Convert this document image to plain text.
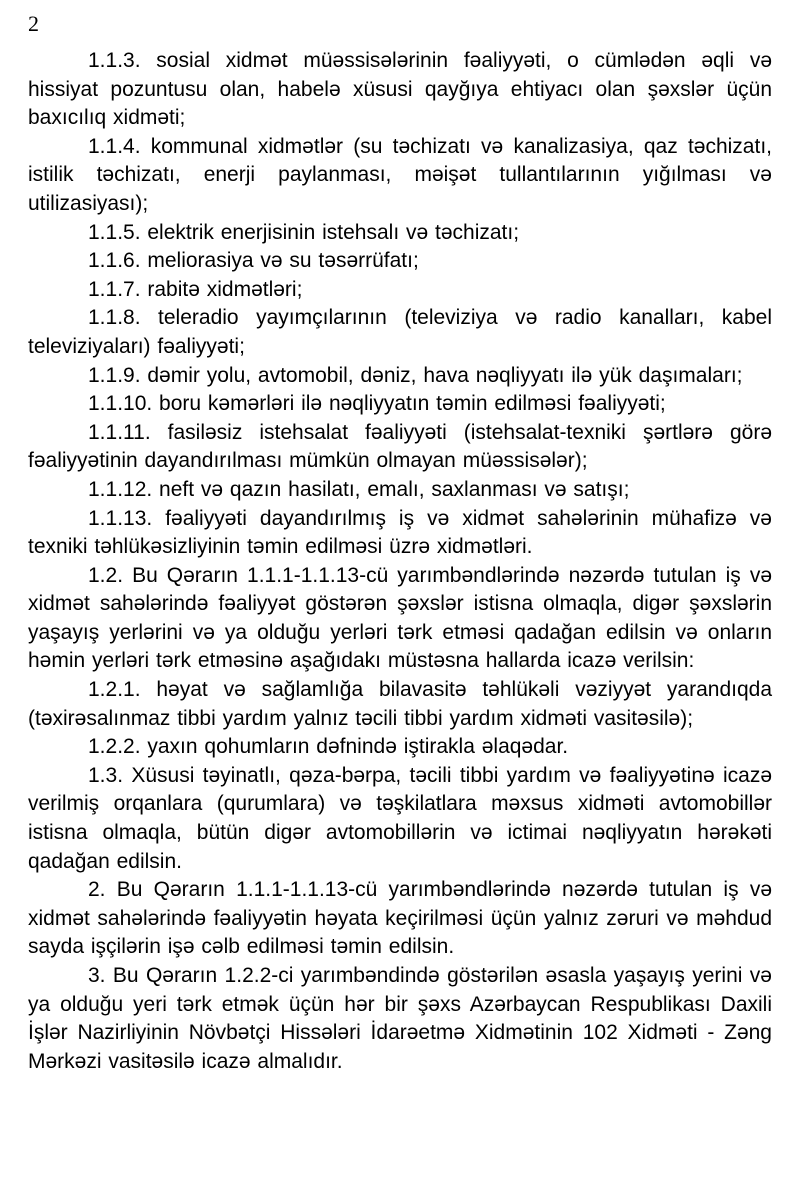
2

1.1.3. sosial xidmət müəssisələrinin fəaliyyəti, o cümlədən əqli və hissiyat pozuntusu olan, habelə xüsusi qayğıya ehtiyacı olan şəxslər üçün baxıcılıq xidməti;

1.1.4. kommunal xidmətlər (su təchizatı və kanalizasiya, qaz təchizatı, istilik təchizatı, enerji paylanması, məişət tullantılarının yığılması və utilizasiyası);

1.1.5. elektrik enerjisinin istehsalı və təchizatı;

1.1.6. meliorasiya və su təsərrüfatı;

1.1.7. rabitə xidmətləri;

1.1.8. teleradio yayımçılarının (televiziya və radio kanalları, kabel televiziyaları) fəaliyyəti;

1.1.9. dəmir yolu, avtomobil, dəniz, hava nəqliyyatı ilə yük daşımaları;

1.1.10. boru kəmərləri ilə nəqliyyatın təmin edilməsi fəaliyyəti;

1.1.11. fasiləsiz istehsalat fəaliyyəti (istehsalat-texniki şərtlərə görə fəaliyyətinin dayandırılması mümkün olmayan müəssisələr);

1.1.12. neft və qazın hasilatı, emalı, saxlanması və satışı;

1.1.13. fəaliyyəti dayandırılmış iş və xidmət sahələrinin mühafizə və texniki təhlükəsizliyinin təmin edilməsi üzrə xidmətləri.

1.2. Bu Qərarın 1.1.1-1.1.13-cü yarımbəndlərində nəzərdə tutulan iş və xidmət sahələrində fəaliyyət göstərən şəxslər istisna olmaqla, digər şəxslərin yaşayış yerlərini və ya olduğu yerləri tərk etməsi qadağan edilsin və onların həmin yerləri tərk etməsinə aşağıdakı müstəsna hallarda icazə verilsin:

1.2.1. həyat və sağlamlığa bilavasitə təhlükəli vəziyyət yarandıqda (təxirəsalınmaz tibbi yardım yalnız təcili tibbi yardım xidməti vasitəsilə);

1.2.2. yaxın qohumların dəfnində iştirakla əlaqədar.

1.3. Xüsusi təyinatlı, qəza-bərpa, təcili tibbi yardım və fəaliyyətinə icazə verilmiş orqanlara (qurumlara) və təşkilatlara məxsus xidməti avtomobillər istisna olmaqla, bütün digər avtomobillərin və ictimai nəqliyyatın hərəkəti qadağan edilsin.

2. Bu Qərarın 1.1.1-1.1.13-cü yarımbəndlərində nəzərdə tutulan iş və xidmət sahələrində fəaliyyətin həyata keçirilməsi üçün yalnız zəruri və məhdud sayda işçilərin işə cəlb edilməsi təmin edilsin.

3. Bu Qərarın 1.2.2-ci yarımbəndində göstərilən əsasla yaşayış yerini və ya olduğu yeri tərk etmək üçün hər bir şəxs Azərbaycan Respublikası Daxili İşlər Nazirliyinin Növbətçi Hissələri İdarəetmə Xidmətinin 102 Xidməti - Zəng Mərkəzi vasitəsilə icazə almalıdır.
